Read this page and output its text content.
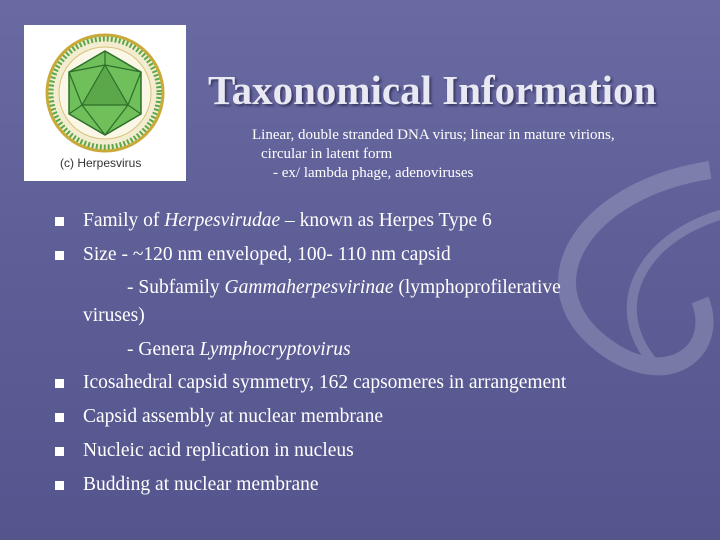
(c) Herpesvirus
Taxonomical Information
Linear, double stranded DNA virus; linear in mature virions,
circular in latent form
- ex/ lambda phage, adenoviruses
Family of Herpesvirudae – known as Herpes Type 6
Size - ~120 nm enveloped, 100- 110 nm capsid
- Subfamily Gammaherpesvirinae (lymphoprofilerative
viruses)
- Genera Lymphocryptovirus
Icosahedral capsid symmetry, 162 capsomeres in arrangement
Capsid assembly at nuclear membrane
Nucleic acid replication in nucleus
Budding at nuclear membrane
